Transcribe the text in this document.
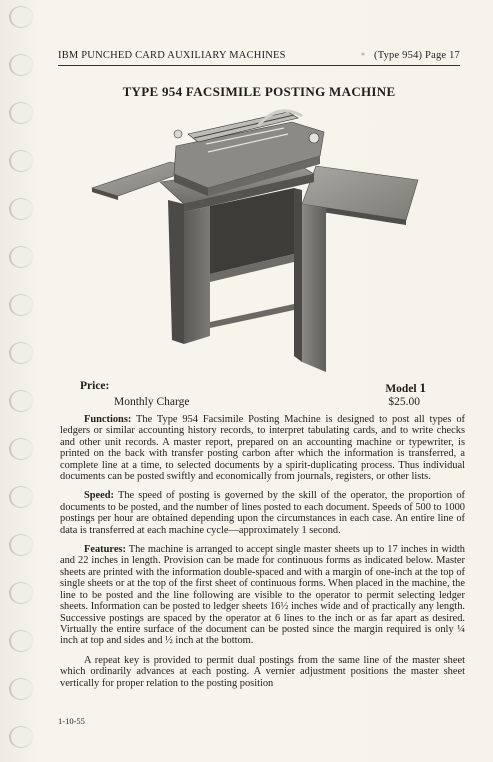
IBM PUNCHED CARD AUXILIARY MACHINES	* (Type 954) Page 17
TYPE 954 FACSIMILE POSTING MACHINE
Price:
Monthly Charge
Model 1
$25.00

Functions: The Type 954 Facsimile Posting Machine is designed to post all types of ledgers or similar accounting history records, to interpret tabulating cards, and to write checks and other unit records. A master report, prepared on an accounting machine or typewriter, is printed on the back with transfer posting carbon after which the information is transferred, a complete line at a time, to selected documents by a spirit-duplicating process. Thus individual documents can be posted swiftly and economically from journals, registers, or other lists.

Speed: The speed of posting is governed by the skill of the operator, the proportion of documents to be posted, and the number of lines posted to each document. Speeds of 500 to 1000 postings per hour are obtained depending upon the circumstances in each case. An entire line of data is transferred at each machine cycle—approximately 1 second.

Features: The machine is arranged to accept single master sheets up to 17 inches in width and 22 inches in length. Provision can be made for continuous forms as indicated below. Master sheets are printed with the information double-spaced and with a margin of one-inch at the top of single sheets or at the top of the first sheet of continuous forms. When placed in the machine, the line to be posted and the line following are visible to the operator to permit selecting ledger sheets. Information can be posted to ledger sheets 16½ inches wide and of practically any length. Successive postings are spaced by the operator at 6 lines to the inch or as far apart as desired. Virtually the entire surface of the document can be posted since the margin required is only ¼ inch at top and sides and ½ inch at the bottom.

A repeat key is provided to permit dual postings from the same line of the master sheet which ordinarily advances at each posting. A vernier adjustment positions the master sheet vertically for proper relation to the posting position

1-10-55
